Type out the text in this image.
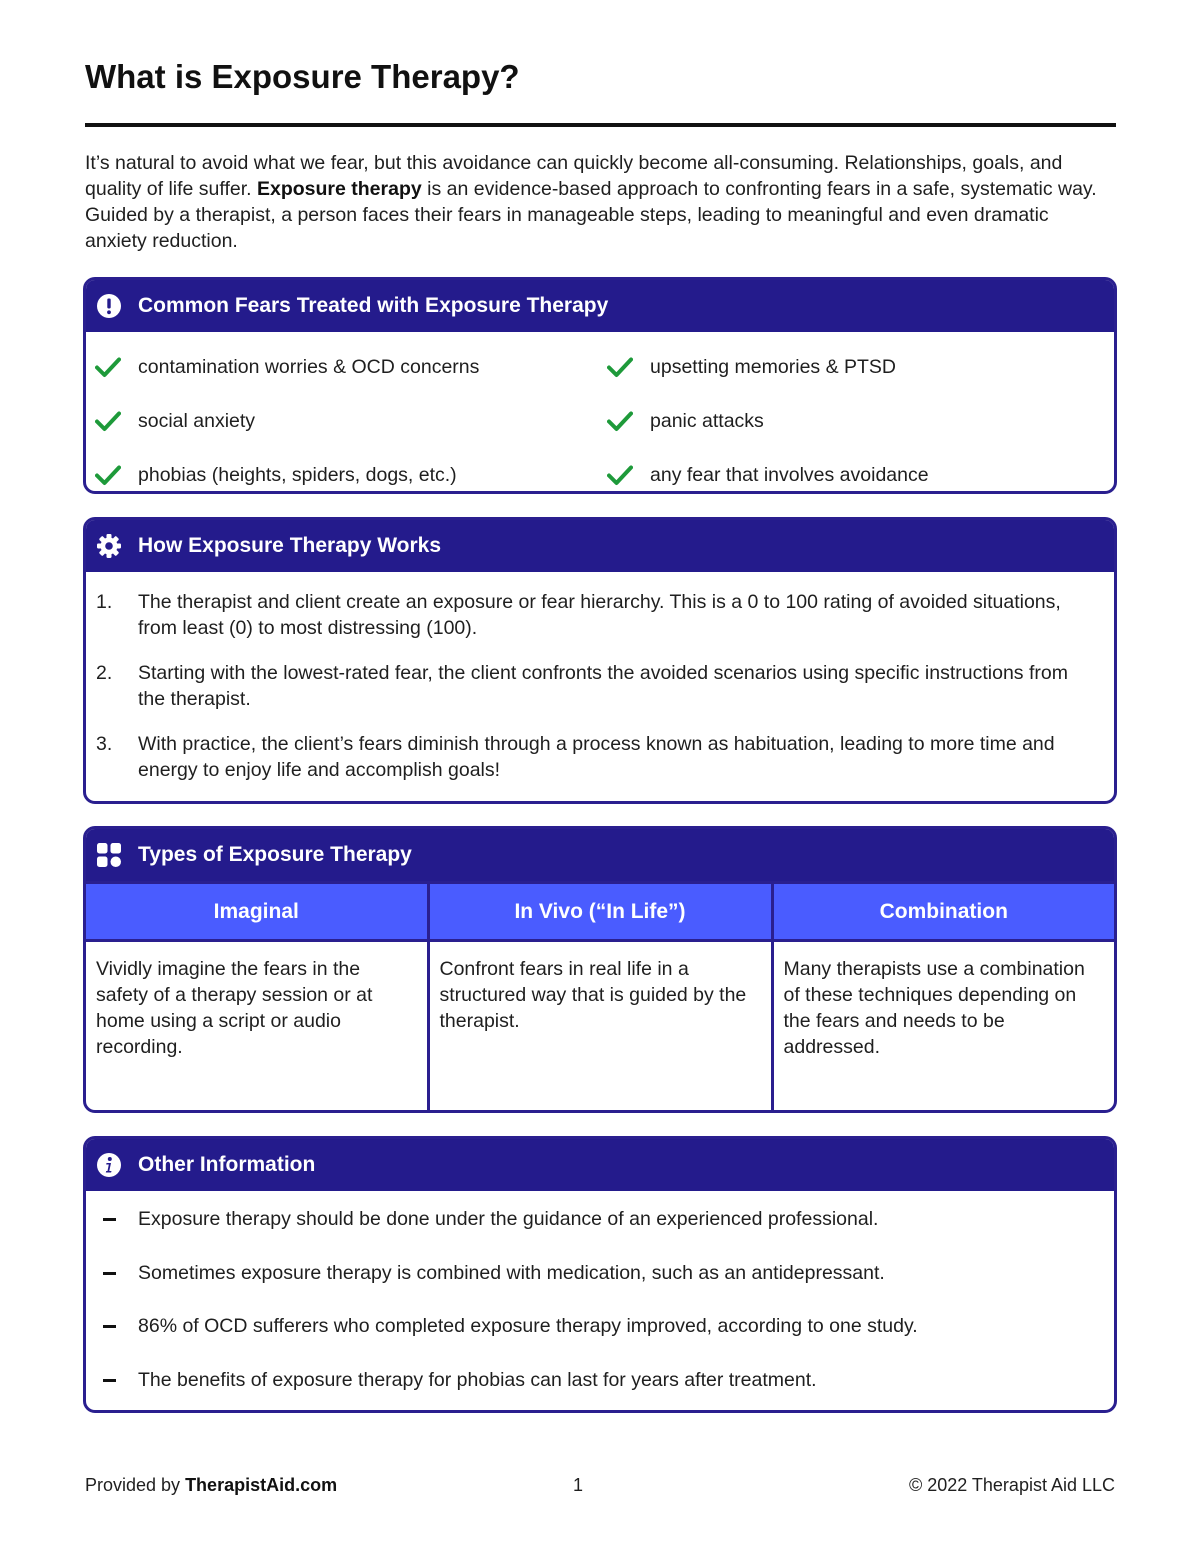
What is Exposure Therapy?

It’s natural to avoid what we fear, but this avoidance can quickly become all-consuming. Relationships, goals, and quality of life suffer. Exposure therapy is an evidence-based approach to confronting fears in a safe, systematic way. Guided by a therapist, a person faces their fears in manageable steps, leading to meaningful and even dramatic anxiety reduction.

Common Fears Treated with Exposure Therapy
contamination worries & OCD concerns	upsetting memories & PTSD
social anxiety	panic attacks
phobias (heights, spiders, dogs, etc.)	any fear that involves avoidance
How Exposure Therapy Works
1.	The therapist and client create an exposure or fear hierarchy. This is a 0 to 100 rating of avoided situations, from least (0) to most distressing (100).
2.	Starting with the lowest-rated fear, the client confronts the avoided scenarios using specific instructions from the therapist.
3.	With practice, the client’s fears diminish through a process known as habituation, leading to more time and energy to enjoy life and accomplish goals!
Types of Exposure Therapy
Imaginal	In Vivo (“In Life”)	Combination
Vividly imagine the fears in the safety of a therapy session or at home using a script or audio recording.	Confront fears in real life in a structured way that is guided by the therapist.	Many therapists use a combination of these techniques depending on the fears and needs to be addressed.
Other Information
Exposure therapy should be done under the guidance of an experienced professional.
Sometimes exposure therapy is combined with medication, such as an antidepressant.
86% of OCD sufferers who completed exposure therapy improved, according to one study.
The benefits of exposure therapy for phobias can last for years after treatment.
Provided by TherapistAid.com	1	© 2022 Therapist Aid LLC
